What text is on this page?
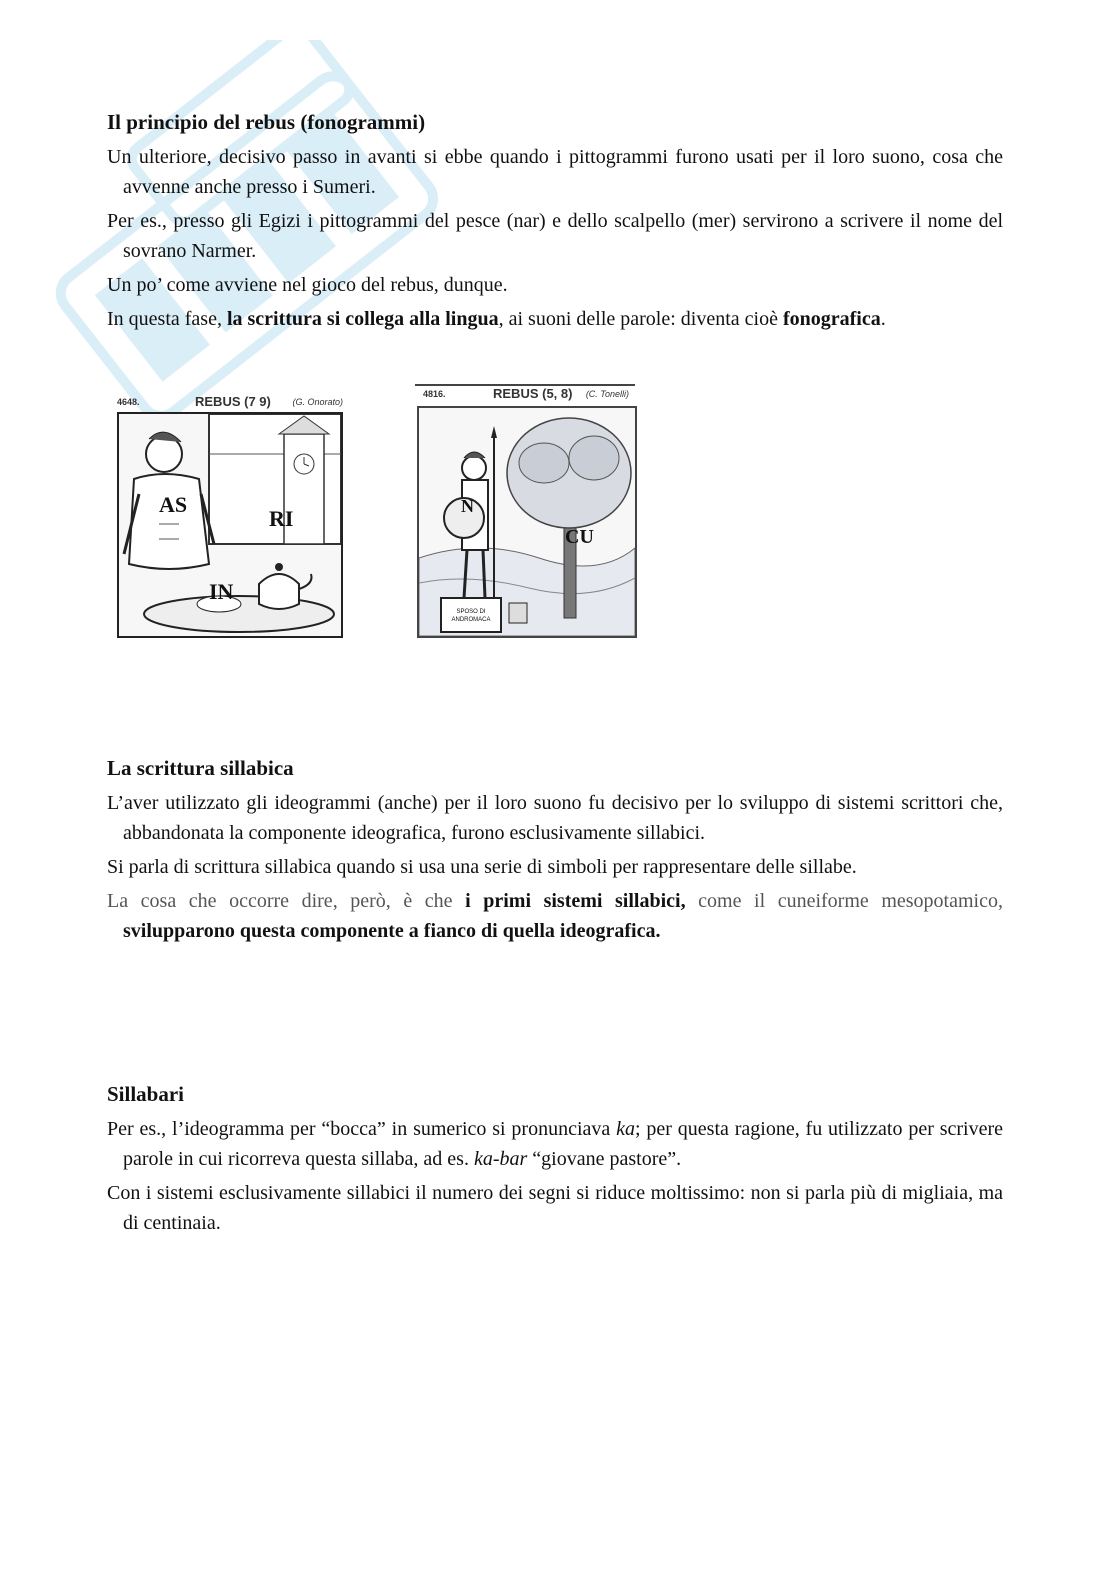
Il principio del rebus (fonogrammi)

Un ulteriore, decisivo passo in avanti si ebbe quando i pittogrammi furono usati per il loro suono, cosa che avvenne anche presso i Sumeri.

Per es., presso gli Egizi i pittogrammi del pesce (nar) e dello scalpello (mer) servirono a scrivere il nome del sovrano Narmer.

Un po’ come avviene nel gioco del rebus, dunque.

In questa fase, la scrittura si collega alla lingua, ai suoni delle parole: diventa cioè fonografica.

4648.	REBUS (7 9) (G. Onorato)
AS
RI
IN
4816.	REBUS (5, 8) (C. Tonelli)
N
CU
SPOSO DI ANDROMACA
La scrittura sillabica

L’aver utilizzato gli ideogrammi (anche) per il loro suono fu decisivo per lo sviluppo di sistemi scrittori che, abbandonata la componente ideografica, furono esclusivamente sillabici.

Si parla di scrittura sillabica quando si usa una serie di simboli per rappresentare delle sillabe.

La cosa che occorre dire, però, è che i primi sistemi sillabici, come il cuneiforme mesopotamico, svilupparono questa componente a fianco di quella ideografica.

Sillabari

Per es., l’ideogramma per “bocca” in sumerico si pronunciava ka; per questa ragione, fu utilizzato per scrivere parole in cui ricorreva questa sillaba, ad es. ka-bar “giovane pastore”.

Con i sistemi esclusivamente sillabici il numero dei segni si riduce moltissimo: non si parla più di migliaia, ma di centinaia.
